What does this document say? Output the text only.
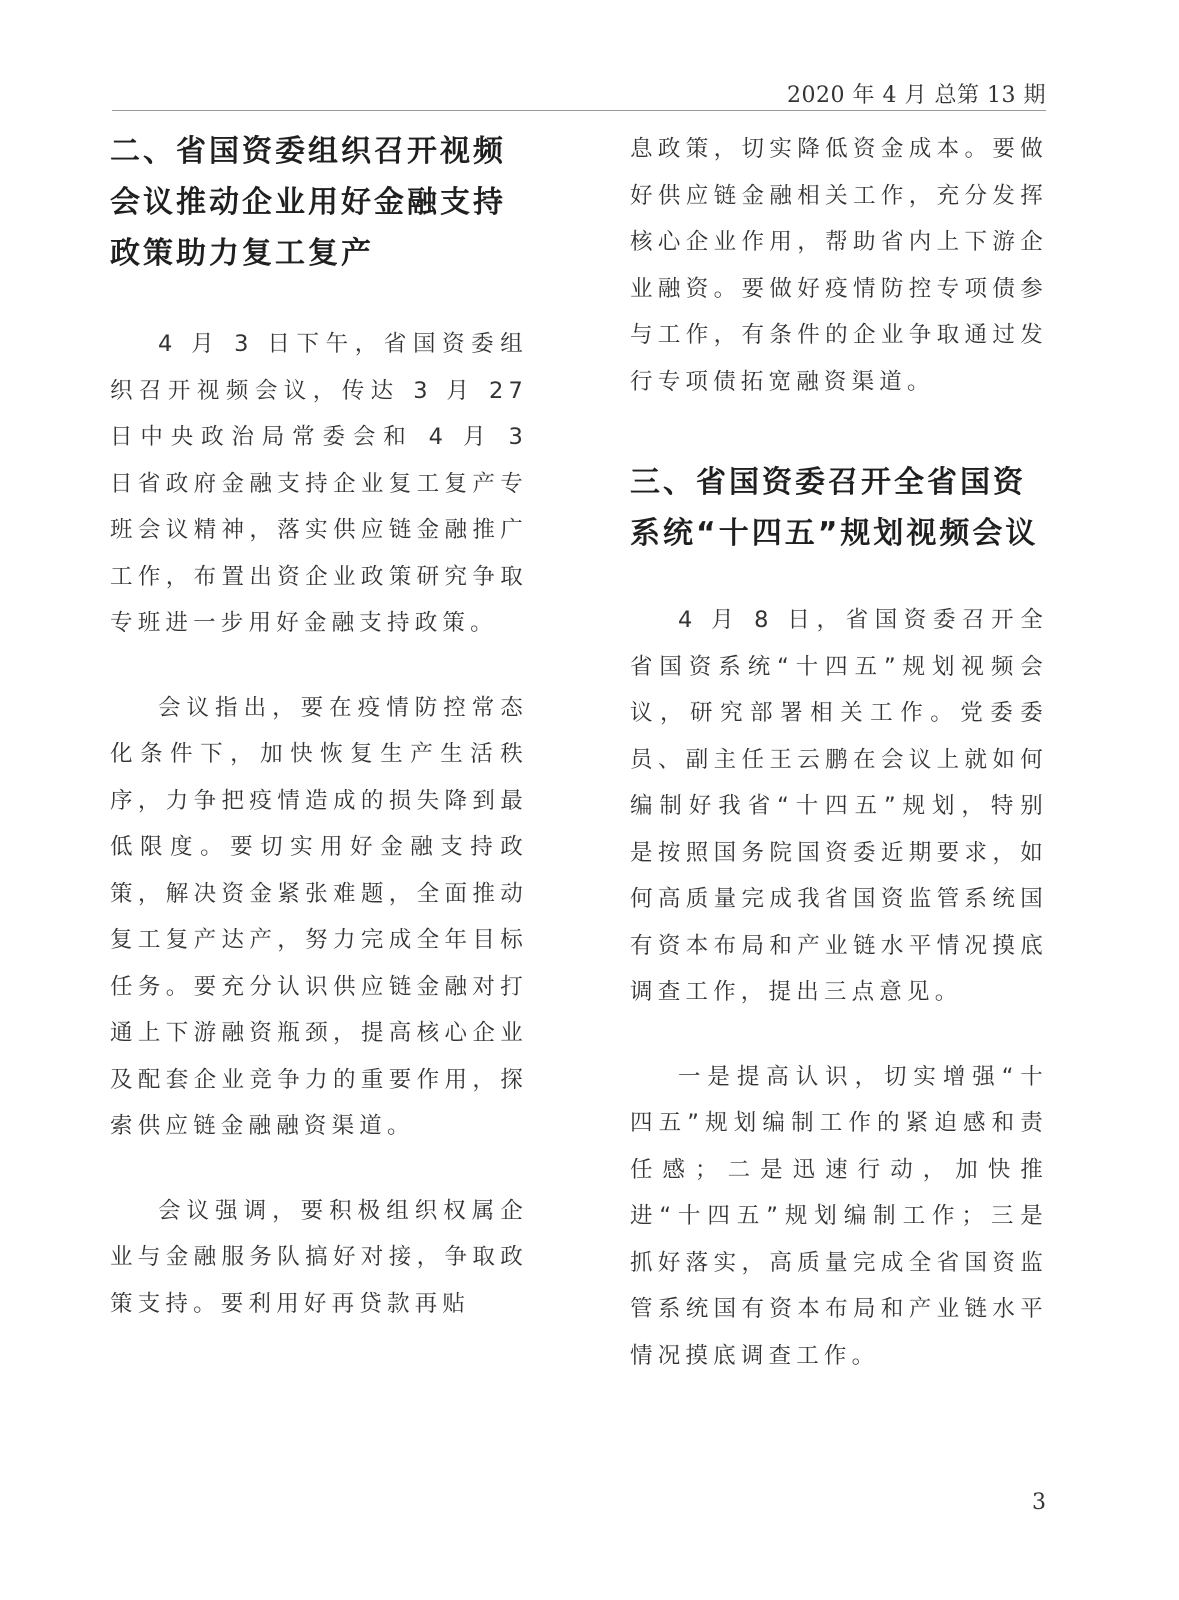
2020 年 4 月 总第 13 期
二、省国资委组织召开视频会议推动企业用好金融支持政策助力复工复产

4 月 3 日下午，省国资委组织召开视频会议，传达 3 月 27 日中央政治局常委会和 4 月 3 日省政府金融支持企业复工复产专班会议精神，落实供应链金融推广工作，布置出资企业政策研究争取专班进一步用好金融支持政策。

会议指出，要在疫情防控常态化条件下，加快恢复生产生活秩序，力争把疫情造成的损失降到最低限度。要切实用好金融支持政策，解决资金紧张难题，全面推动复工复产达产，努力完成全年目标任务。要充分认识供应链金融对打通上下游融资瓶颈，提高核心企业及配套企业竞争力的重要作用，探索供应链金融融资渠道。

会议强调，要积极组织权属企业与金融服务队搞好对接，争取政策支持。要利用好再贷款再贴

息政策，切实降低资金成本。要做好供应链金融相关工作，充分发挥核心企业作用，帮助省内上下游企业融资。要做好疫情防控专项债参与工作，有条件的企业争取通过发行专项债拓宽融资渠道。

三、省国资委召开全省国资系统“十四五”规划视频会议

4 月 8 日，省国资委召开全省国资系统“十四五”规划视频会议，研究部署相关工作。党委委员、副主任王云鹏在会议上就如何编制好我省“十四五”规划，特别是按照国务院国资委近期要求，如何高质量完成我省国资监管系统国有资本布局和产业链水平情况摸底调查工作，提出三点意见。

一是提高认识，切实增强“十四五”规划编制工作的紧迫感和责任感；二是迅速行动，加快推进“十四五”规划编制工作；三是抓好落实，高质量完成全省国资监管系统国有资本布局和产业链水平情况摸底调查工作。

3
